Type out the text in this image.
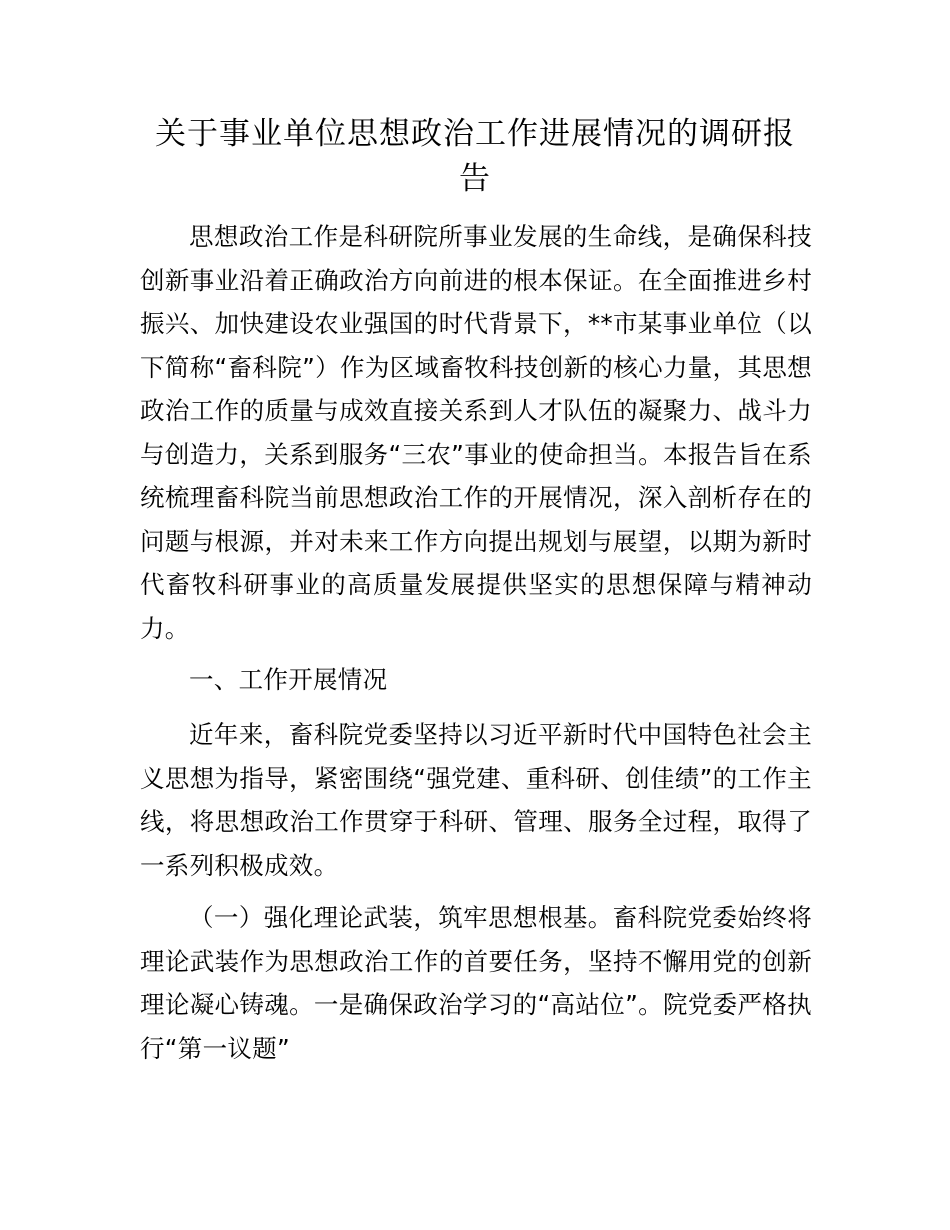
关于事业单位思想政治工作进展情况的调研报告

思想政治工作是科研院所事业发展的生命线，是确保科技创新事业沿着正确政治方向前进的根本保证。在全面推进乡村振兴、加快建设农业强国的时代背景下，**市某事业单位（以下简称“畜科院”）作为区域畜牧科技创新的核心力量，其思想政治工作的质量与成效直接关系到人才队伍的凝聚力、战斗力与创造力，关系到服务“三农”事业的使命担当。本报告旨在系统梳理畜科院当前思想政治工作的开展情况，深入剖析存在的问题与根源，并对未来工作方向提出规划与展望，以期为新时代畜牧科研事业的高质量发展提供坚实的思想保障与精神动力。

一、工作开展情况

近年来，畜科院党委坚持以习近平新时代中国特色社会主义思想为指导，紧密围绕“强党建、重科研、创佳绩”的工作主线，将思想政治工作贯穿于科研、管理、服务全过程，取得了一系列积极成效。

（一）强化理论武装，筑牢思想根基。畜科院党委始终将理论武装作为思想政治工作的首要任务，坚持不懈用党的创新理论凝心铸魂。一是确保政治学习的“高站位”。院党委严格执行“第一议题”
